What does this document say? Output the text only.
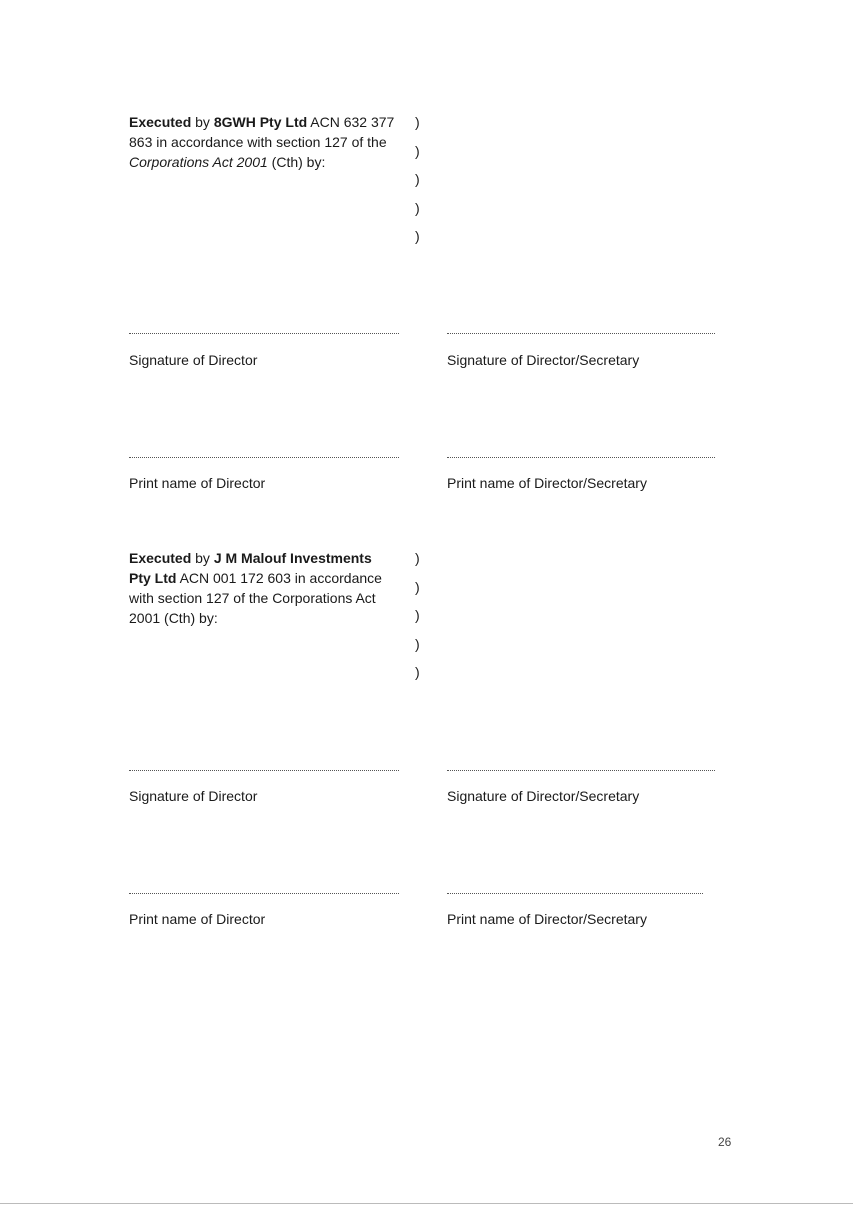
Executed by 8GWH Pty Ltd ACN 632 377 863 in accordance with section 127 of the Corporations Act 2001 (Cth) by:
)
)
)
)
)
Signature of Director	Signature of Director/Secretary
Print name of Director	Print name of Director/Secretary
Executed by J M Malouf Investments Pty Ltd ACN 001 172 603 in accordance with section 127 of the Corporations Act 2001 (Cth) by:
)
)
)
)
)
Signature of Director	Signature of Director/Secretary
Print name of Director	Print name of Director/Secretary
26
